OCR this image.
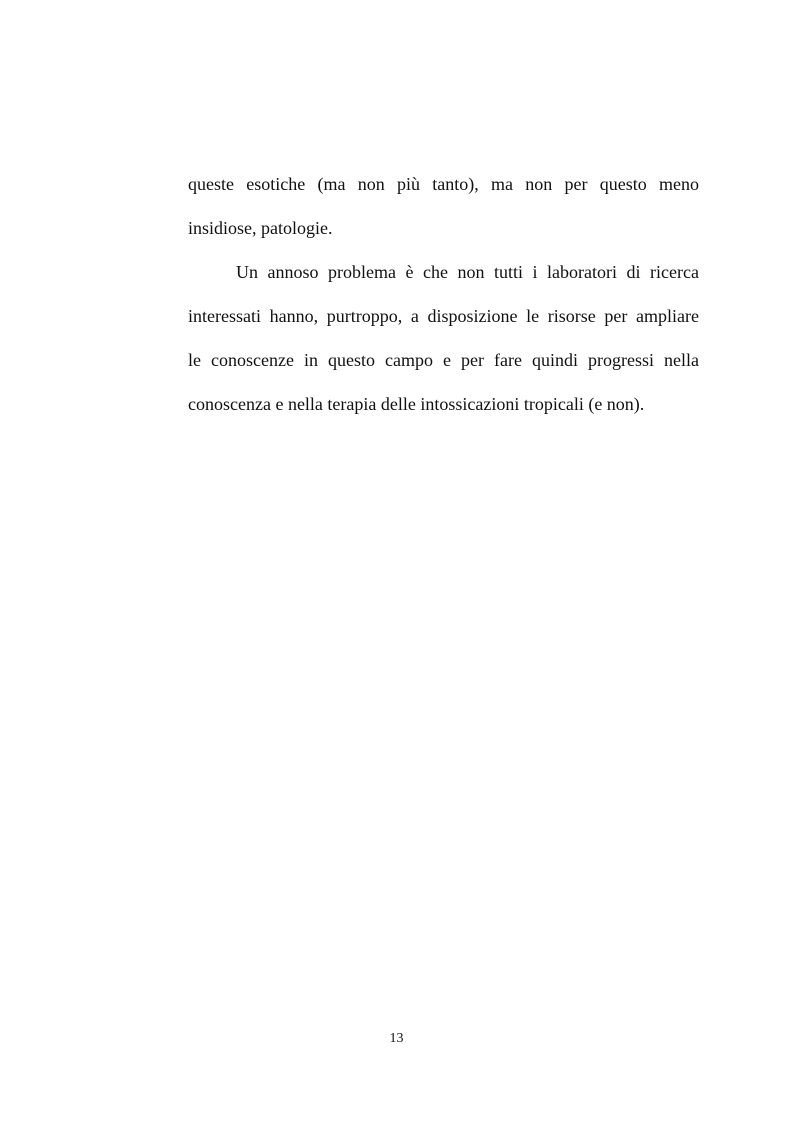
queste esotiche (ma non più tanto), ma non per questo meno
insidiose, patologie.
Un annoso problema è che non tutti i laboratori di ricerca
interessati hanno, purtroppo, a disposizione le risorse per ampliare
le conoscenze in questo campo e per fare quindi progressi nella
conoscenza e nella terapia delle intossicazioni tropicali (e non).
13
